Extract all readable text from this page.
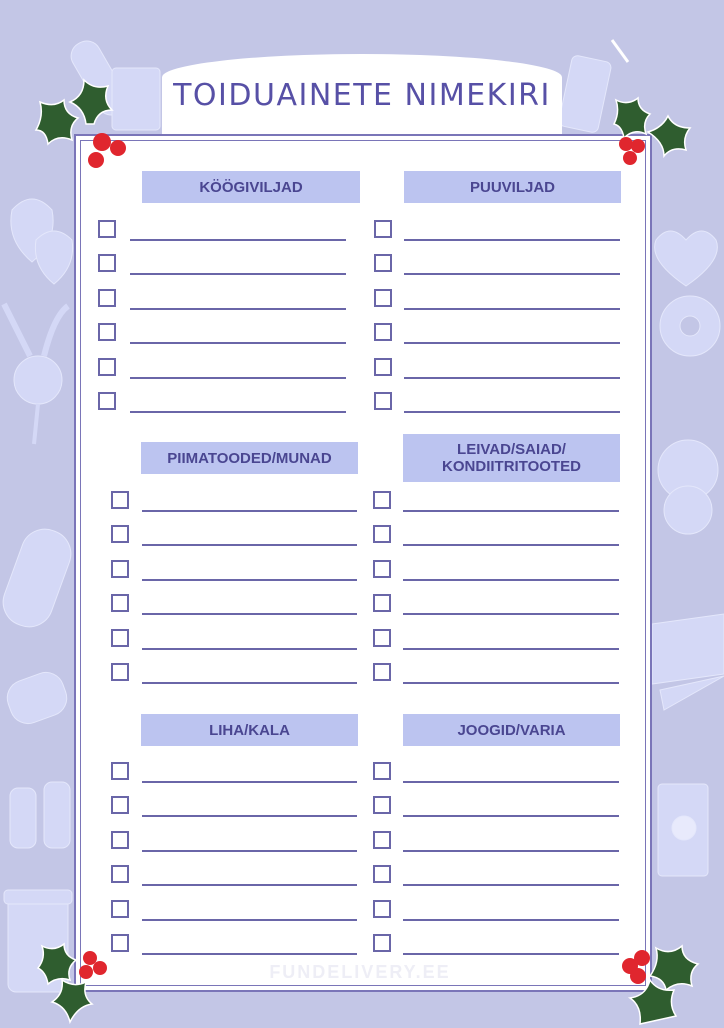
TOIDUAINETE NIMEKIRI
KÖÖGIVILJAD	PUUVILJAD
PIIMATOODED/MUNAD	LEIVAD/SAIAD/ KONDIITRITOOTED
LIHA/KALA	JOOGID/VARIA
FUNDELIVERY.EE
